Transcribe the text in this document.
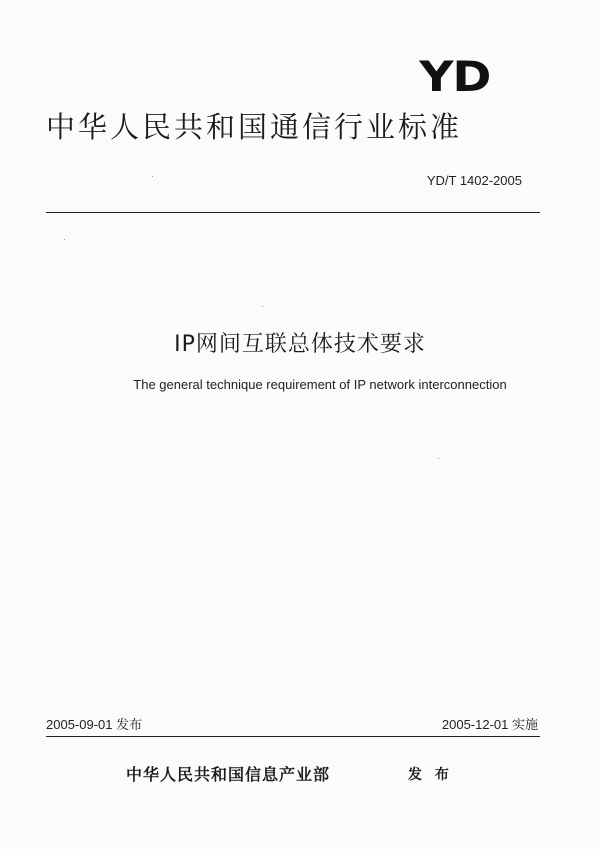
YD
中华人民共和国通信行业标准
YD/T 1402-2005
IP网间互联总体技术要求
The general technique requirement of IP network interconnection
2005-09-01 发布	2005-12-01 实施
中华人民共和国信息产业部	发 布
